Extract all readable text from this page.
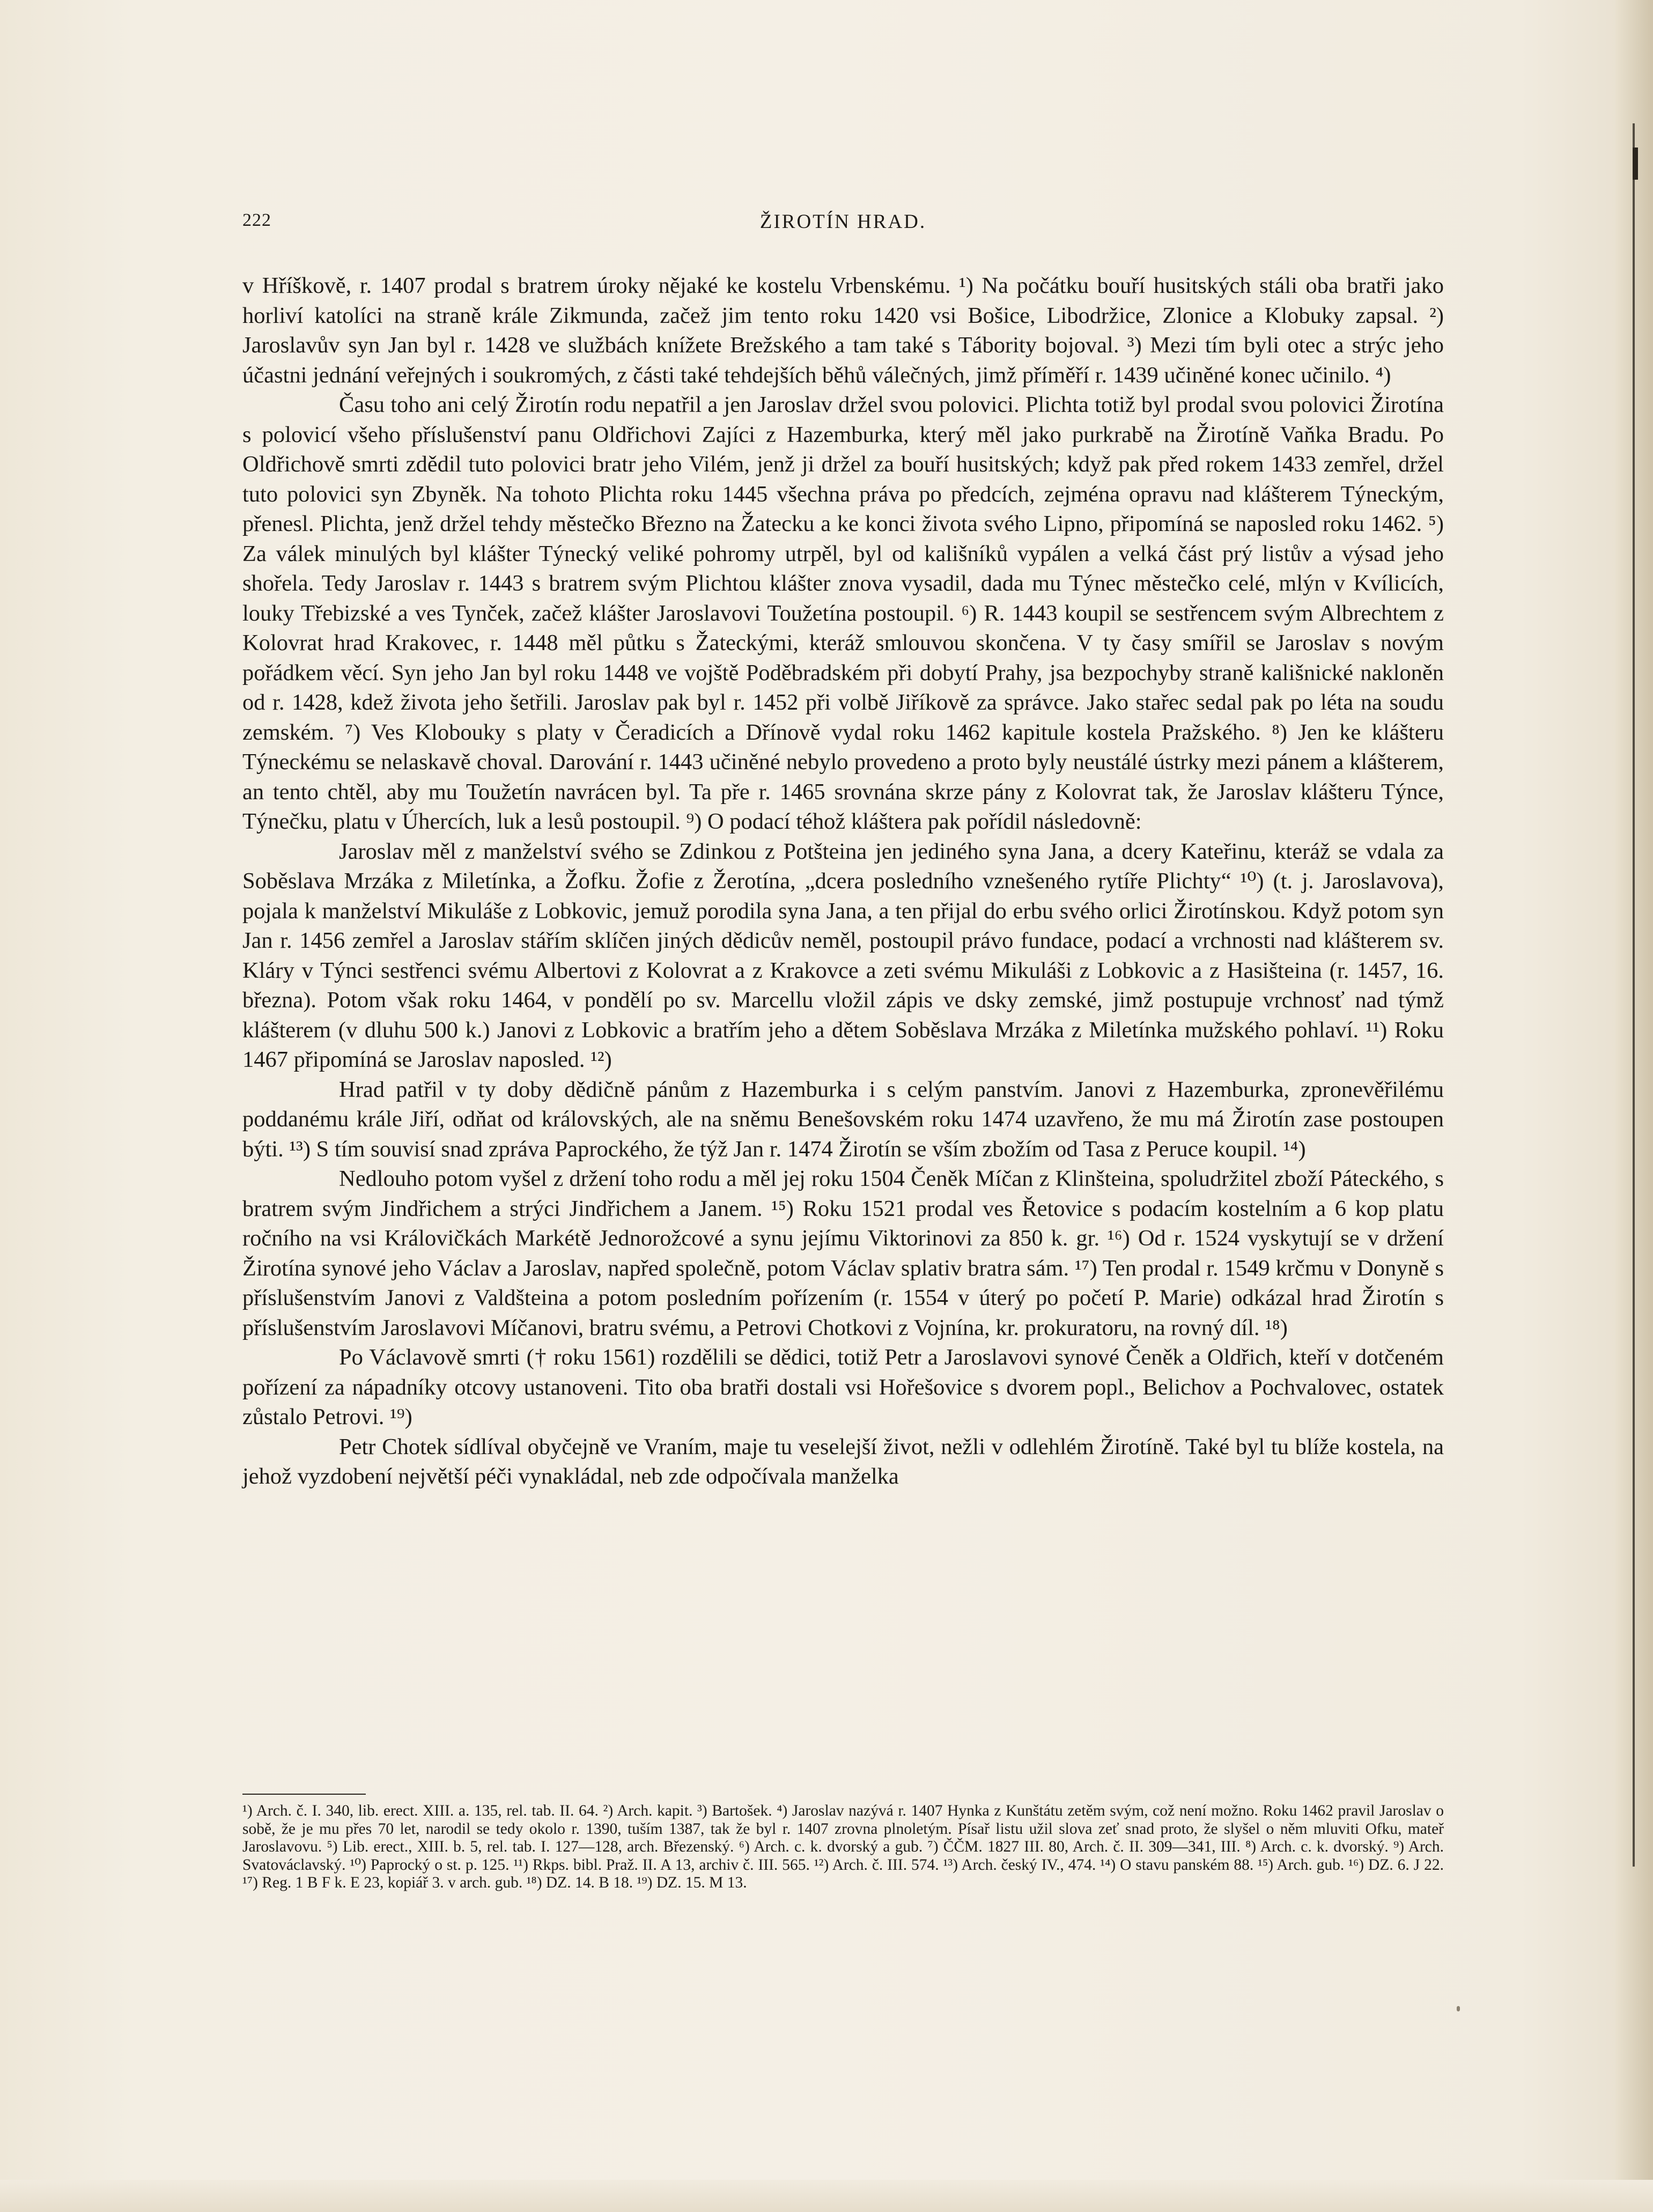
222	ŽIROTÍN HRAD.

v Hříškově, r. 1407 prodal s bratrem úroky nějaké ke kostelu Vrbenskému. ¹) Na počátku bouří husitských stáli oba bratři jako horliví katolíci na straně krále Zikmunda, začež jim tento roku 1420 vsi Bošice, Libodržice, Zlonice a Klobuky zapsal. ²) Jaroslavův syn Jan byl r. 1428 ve službách knížete Brežského a tam také s Tábority bojoval. ³) Mezi tím byli otec a strýc jeho účastni jednání veřejných i soukromých, z části také tehdejších běhů válečných, jimž příměří r. 1439 učiněné konec učinilo. ⁴)

Času toho ani celý Žirotín rodu nepatřil a jen Jaroslav držel svou polovici. Plichta totiž byl prodal svou polovici Žirotína s polovicí všeho příslušenství panu Oldřichovi Zajíci z Hazemburka, který měl jako purkrabě na Žirotíně Vaňka Bradu. Po Oldřichově smrti zdědil tuto polovici bratr jeho Vilém, jenž ji držel za bouří husitských; když pak před rokem 1433 zemřel, držel tuto polovici syn Zbyněk. Na tohoto Plichta roku 1445 všechna práva po předcích, zejména opravu nad klášterem Týneckým, přenesl. Plichta, jenž držel tehdy městečko Březno na Žatecku a ke konci života svého Lipno, připomíná se naposled roku 1462. ⁵) Za válek minulých byl klášter Týnecký veliké pohromy utrpěl, byl od kališníků vypálen a velká část prý listův a výsad jeho shořela. Tedy Jaroslav r. 1443 s bratrem svým Plichtou klášter znova vysadil, dada mu Týnec městečko celé, mlýn v Kvílicích, louky Třebizské a ves Tynček, začež klášter Jaroslavovi Toužetína postoupil. ⁶) R. 1443 koupil se sestřencem svým Albrechtem z Kolovrat hrad Krakovec, r. 1448 měl půtku s Žateckými, kteráž smlouvou skončena. V ty časy smířil se Jaroslav s novým pořádkem věcí. Syn jeho Jan byl roku 1448 ve vojště Poděbradském při dobytí Prahy, jsa bezpochyby straně kališnické nakloněn od r. 1428, kdež života jeho šetřili. Jaroslav pak byl r. 1452 při volbě Jiříkově za správce. Jako stařec sedal pak po léta na soudu zemském. ⁷) Ves Klobouky s platy v Čeradicích a Dřínově vydal roku 1462 kapitule kostela Pražského. ⁸) Jen ke klášteru Týneckému se nelaskavě choval. Darování r. 1443 učiněné nebylo provedeno a proto byly neustálé ústrky mezi pánem a klášterem, an tento chtěl, aby mu Toužetín navrácen byl. Ta pře r. 1465 srovnána skrze pány z Kolovrat tak, že Jaroslav klášteru Týnce, Týnečku, platu v Úhercích, luk a lesů postoupil. ⁹) O podací téhož kláštera pak pořídil následovně:

Jaroslav měl z manželství svého se Zdinkou z Potšteina jen jediného syna Jana, a dcery Kateřinu, kteráž se vdala za Soběslava Mrzáka z Miletínka, a Žofku. Žofie z Žerotína, „dcera posledního vznešeného rytíře Plichty“ ¹⁰) (t. j. Jaroslavova), pojala k manželství Mikuláše z Lobkovic, jemuž porodila syna Jana, a ten přijal do erbu svého orlici Žirotínskou. Když potom syn Jan r. 1456 zemřel a Jaroslav stářím sklíčen jiných dědicův neměl, postoupil právo fundace, podací a vrchnosti nad klášterem sv. Kláry v Týnci sestřenci svému Albertovi z Kolovrat a z Krakovce a zeti svému Mikuláši z Lobkovic a z Hasišteina (r. 1457, 16. března). Potom však roku 1464, v pondělí po sv. Marcellu vložil zápis ve dsky zemské, jimž postupuje vrchnosť nad týmž klášterem (v dluhu 500 k.) Janovi z Lobkovic a bratřím jeho a dětem Soběslava Mrzáka z Miletínka mužského pohlaví. ¹¹) Roku 1467 připomíná se Jaroslav naposled. ¹²)

Hrad patřil v ty doby dědičně pánům z Hazemburka i s celým panstvím. Janovi z Hazemburka, zpronevěřilému poddanému krále Jiří, odňat od královských, ale na sněmu Benešovském roku 1474 uzavřeno, že mu má Žirotín zase postoupen býti. ¹³) S tím souvisí snad zpráva Paprockého, že týž Jan r. 1474 Žirotín se vším zbožím od Tasa z Peruce koupil. ¹⁴)

Nedlouho potom vyšel z držení toho rodu a měl jej roku 1504 Čeněk Míčan z Klinšteina, spoludržitel zboží Páteckého, s bratrem svým Jindřichem a strýci Jindřichem a Janem. ¹⁵) Roku 1521 prodal ves Řetovice s podacím kostelním a 6 kop platu ročního na vsi Královičkách Markétě Jednorožcové a synu jejímu Viktorinovi za 850 k. gr. ¹⁶) Od r. 1524 vyskytují se v držení Žirotína synové jeho Václav a Jaroslav, napřed společně, potom Václav splativ bratra sám. ¹⁷) Ten prodal r. 1549 krčmu v Donyně s příslušenstvím Janovi z Valdšteina a potom posledním pořízením (r. 1554 v úterý po početí P. Marie) odkázal hrad Žirotín s příslušenstvím Jaroslavovi Míčanovi, bratru svému, a Petrovi Chotkovi z Vojnína, kr. prokuratoru, na rovný díl. ¹⁸)

Po Václavově smrti († roku 1561) rozdělili se dědici, totiž Petr a Jaroslavovi synové Čeněk a Oldřich, kteří v dotčeném pořízení za nápadníky otcovy ustanoveni. Tito oba bratři dostali vsi Hořešovice s dvorem popl., Belichov a Pochvalovec, ostatek zůstalo Petrovi. ¹⁹)

Petr Chotek sídlíval obyčejně ve Vraním, maje tu veselejší život, nežli v odlehlém Žirotíně. Také byl tu blíže kostela, na jehož vyzdobení největší péči vynakládal, neb zde odpočívala manželka

¹) Arch. č. I. 340, lib. erect. XIII. a. 135, rel. tab. II. 64. ²) Arch. kapit. ³) Bartošek. ⁴) Jaroslav nazývá r. 1407 Hynka z Kunštátu zetěm svým, což není možno. Roku 1462 pravil Jaroslav o sobě, že je mu přes 70 let, narodil se tedy okolo r. 1390, tuším 1387, tak že byl r. 1407 zrovna plnoletým. Písař listu užil slova zeť snad proto, že slyšel o něm mluviti Ofku, mateř Jaroslavovu. ⁵) Lib. erect., XIII. b. 5, rel. tab. I. 127—128, arch. Březenský. ⁶) Arch. c. k. dvorský a gub. ⁷) ČČM. 1827 III. 80, Arch. č. II. 309—341, III. ⁸) Arch. c. k. dvorský. ⁹) Arch. Svatováclavský. ¹⁰) Paprocký o st. p. 125. ¹¹) Rkps. bibl. Praž. II. A 13, archiv č. III. 565. ¹²) Arch. č. III. 574. ¹³) Arch. český IV., 474. ¹⁴) O stavu panském 88. ¹⁵) Arch. gub. ¹⁶) DZ. 6. J 22. ¹⁷) Reg. 1 B F k. E 23, kopiář 3. v arch. gub. ¹⁸) DZ. 14. B 18. ¹⁹) DZ. 15. M 13.
